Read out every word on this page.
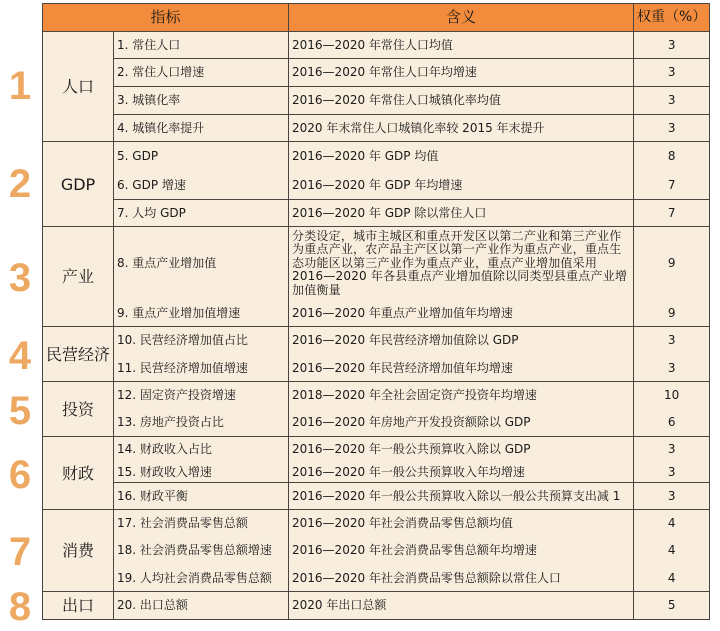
1
2
3
4
5
6
7
8
指标		含义	权重（%）
人口	1. 常住人口	2016—2020 年常住人口均值	3
	2. 常住人口增速	2016—2020 年常住人口年均增速	3
	3. 城镇化率	2016—2020 年常住人口城镇化率均值	3
	4. 城镇化率提升	2020 年末常住人口城镇化率较 2015 年末提升	3
GDP	5. GDP	2016—2020 年 GDP 均值	8
	6. GDP 增速	2016—2020 年 GDP 年均增速	7
	7. 人均 GDP	2016—2020 年 GDP 除以常住人口	7
产业	8. 重点产业增加值	分类设定，城市主城区和重点开发区以第二产业和第三产业作为重点产业，农产品主产区以第一产业作为重点产业，重点生态功能区以第三产业作为重点产业，重点产业增加值采用 2016—2020 年各县重点产业增加值除以同类型县重点产业增加值衡量	9
	9. 重点产业增加值增速	2016—2020 年重点产业增加值年均增速	9
民营经济	10. 民营经济增加值占比	2016—2020 年民营经济增加值除以 GDP	3
	11. 民营经济增加值增速	2016—2020 年民营经济增加值年均增速	3
投资	12. 固定资产投资增速	2018—2020 年全社会固定资产投资年均增速	10
	13. 房地产投资占比	2016—2020 年房地产开发投资额除以 GDP	6
财政	14. 财政收入占比	2016—2020 年一般公共预算收入除以 GDP	3
	15. 财政收入增速	2016—2020 年一般公共预算收入年均增速	3
	16. 财政平衡	2016—2020 年一般公共预算收入除以一般公共预算支出减 1	3
消费	17. 社会消费品零售总额	2016—2020 年社会消费品零售总额均值	4
	18. 社会消费品零售总额增速	2016—2020 年社会消费品零售总额年均增速	4
	19. 人均社会消费品零售总额	2016—2020 年社会消费品零售总额除以常住人口	4
出口	20. 出口总额	2020 年出口总额	5
